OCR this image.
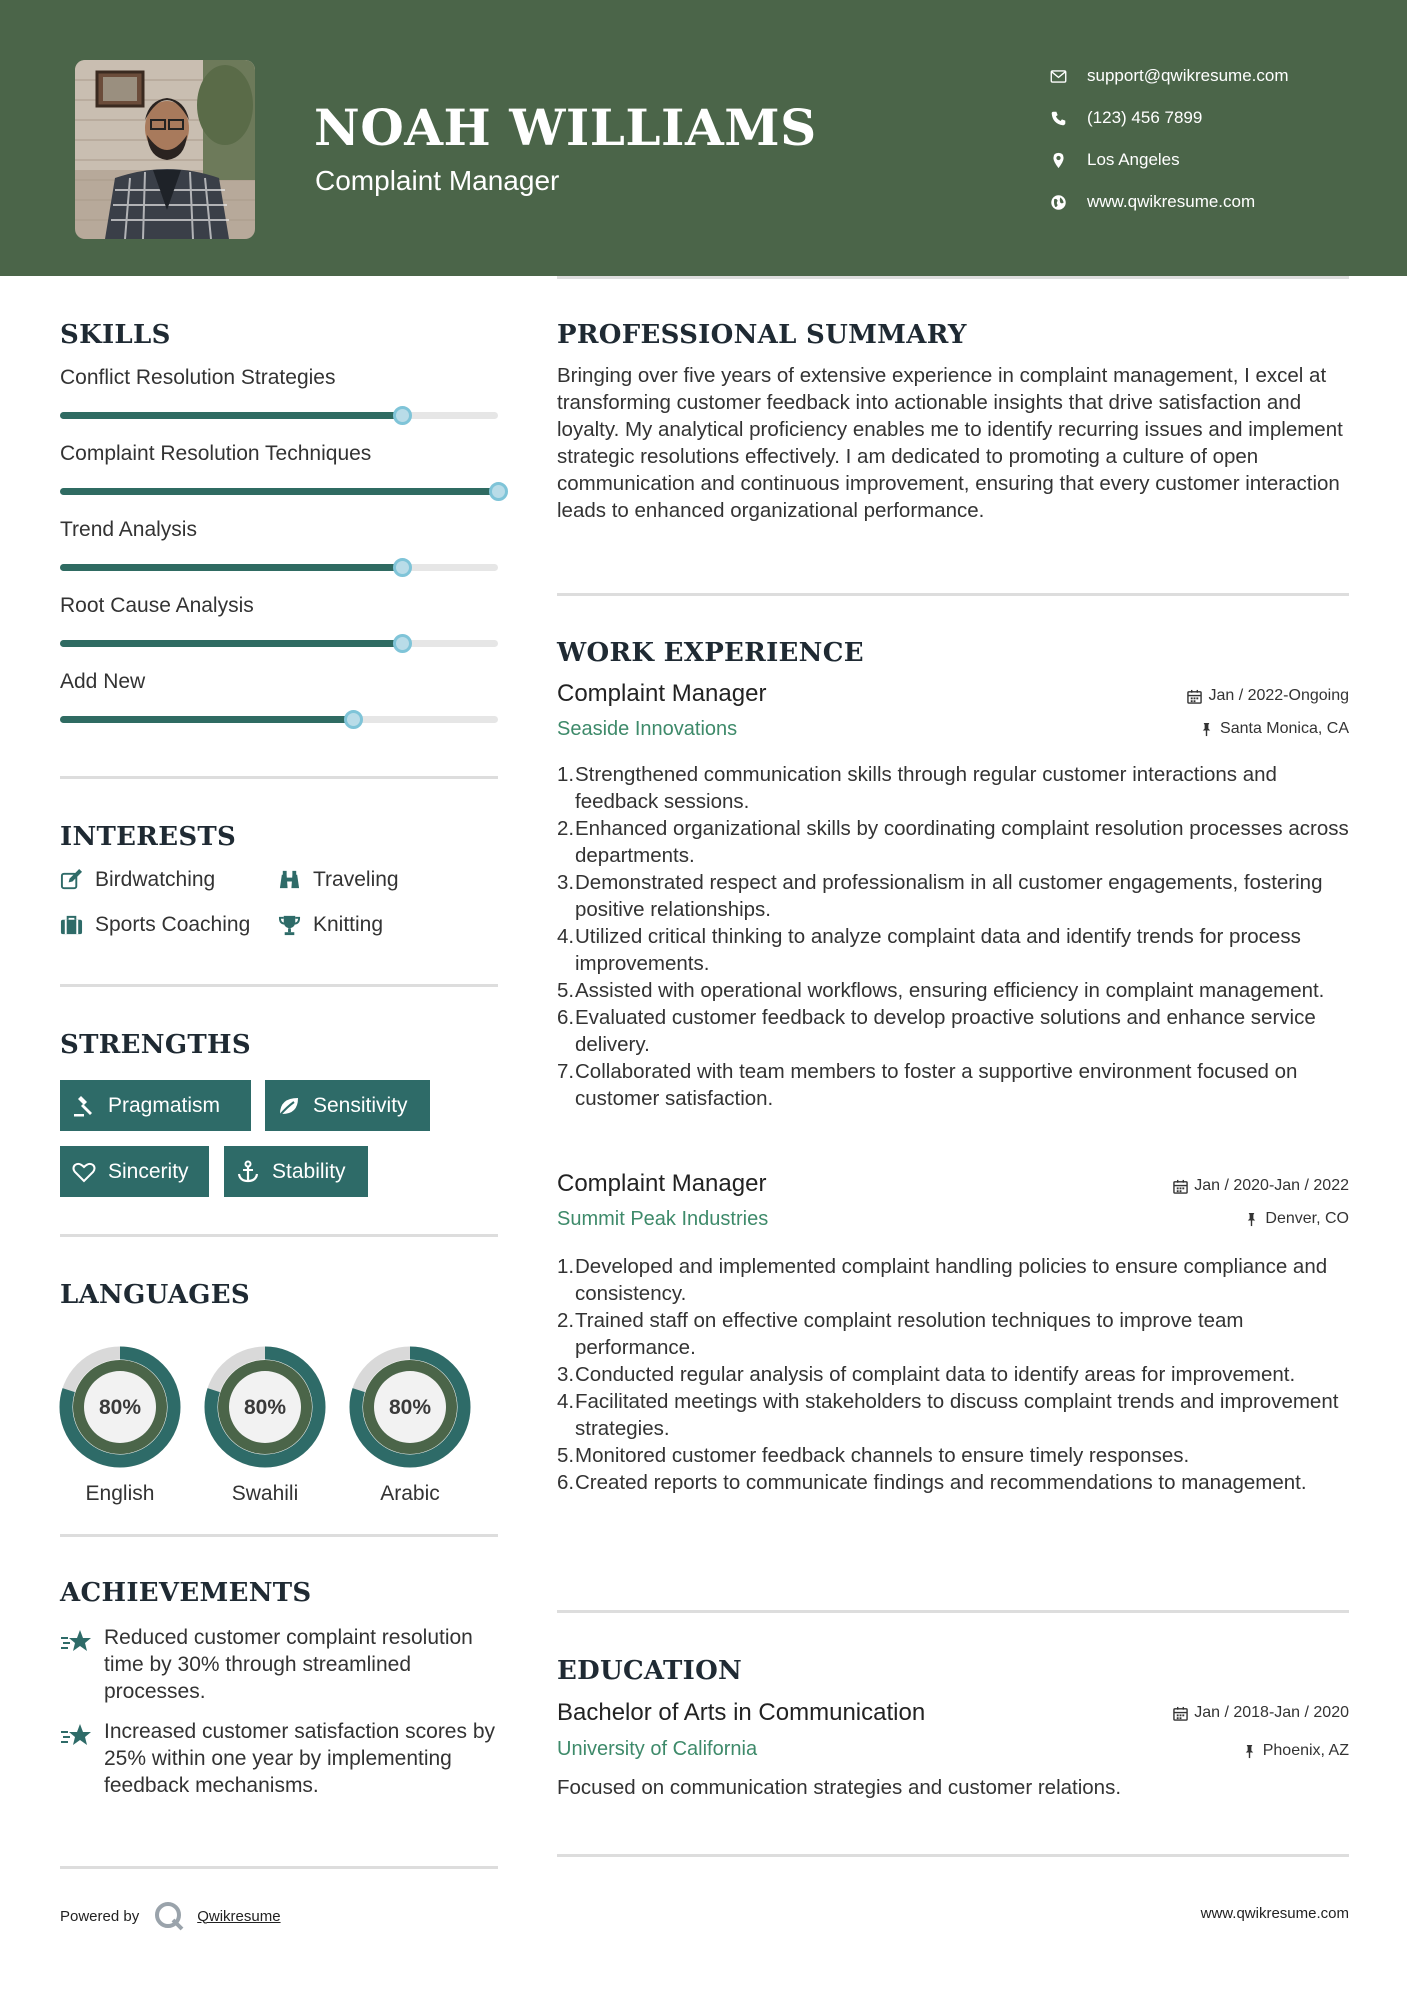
NOAH WILLIAMS
Complaint Manager
support@qwikresume.com
(123) 456 7899
Los Angeles
www.qwikresume.com
SKILLS
Conflict Resolution Strategies
Complaint Resolution Techniques
Trend Analysis
Root Cause Analysis
Add New
INTERESTS
Birdwatching	Traveling
Sports Coaching	Knitting
STRENGTHS
Pragmatism	Sensitivity
Sincerity	Stability
LANGUAGES
80%
English
80%
Swahili
80%
Arabic
ACHIEVEMENTS
Reduced customer complaint resolution time by 30% through streamlined processes.
Increased customer satisfaction scores by 25% within one year by implementing feedback mechanisms.
PROFESSIONAL SUMMARY
Bringing over five years of extensive experience in complaint management, I excel at transforming customer feedback into actionable insights that drive satisfaction and loyalty. My analytical proficiency enables me to identify recurring issues and implement strategic resolutions effectively. I am dedicated to promoting a culture of open communication and continuous improvement, ensuring that every customer interaction leads to enhanced organizational performance.
WORK EXPERIENCE
Complaint Manager
Seaside Innovations
Jan / 2022-Ongoing
Santa Monica, CA
1. Strengthened communication skills through regular customer interactions and feedback sessions.
2. Enhanced organizational skills by coordinating complaint resolution processes across departments.
3. Demonstrated respect and professionalism in all customer engagements, fostering positive relationships.
4. Utilized critical thinking to analyze complaint data and identify trends for process improvements.
5. Assisted with operational workflows, ensuring efficiency in complaint management.
6. Evaluated customer feedback to develop proactive solutions and enhance service delivery.
7. Collaborated with team members to foster a supportive environment focused on customer satisfaction.
Complaint Manager
Summit Peak Industries
Jan / 2020-Jan / 2022
Denver, CO
1. Developed and implemented complaint handling policies to ensure compliance and consistency.
2. Trained staff on effective complaint resolution techniques to improve team performance.
3. Conducted regular analysis of complaint data to identify areas for improvement.
4. Facilitated meetings with stakeholders to discuss complaint trends and improvement strategies.
5. Monitored customer feedback channels to ensure timely responses.
6. Created reports to communicate findings and recommendations to management.
EDUCATION
Bachelor of Arts in Communication
University of California
Jan / 2018-Jan / 2020
Phoenix, AZ
Focused on communication strategies and customer relations.
Powered by	Qwikresume	www.qwikresume.com
